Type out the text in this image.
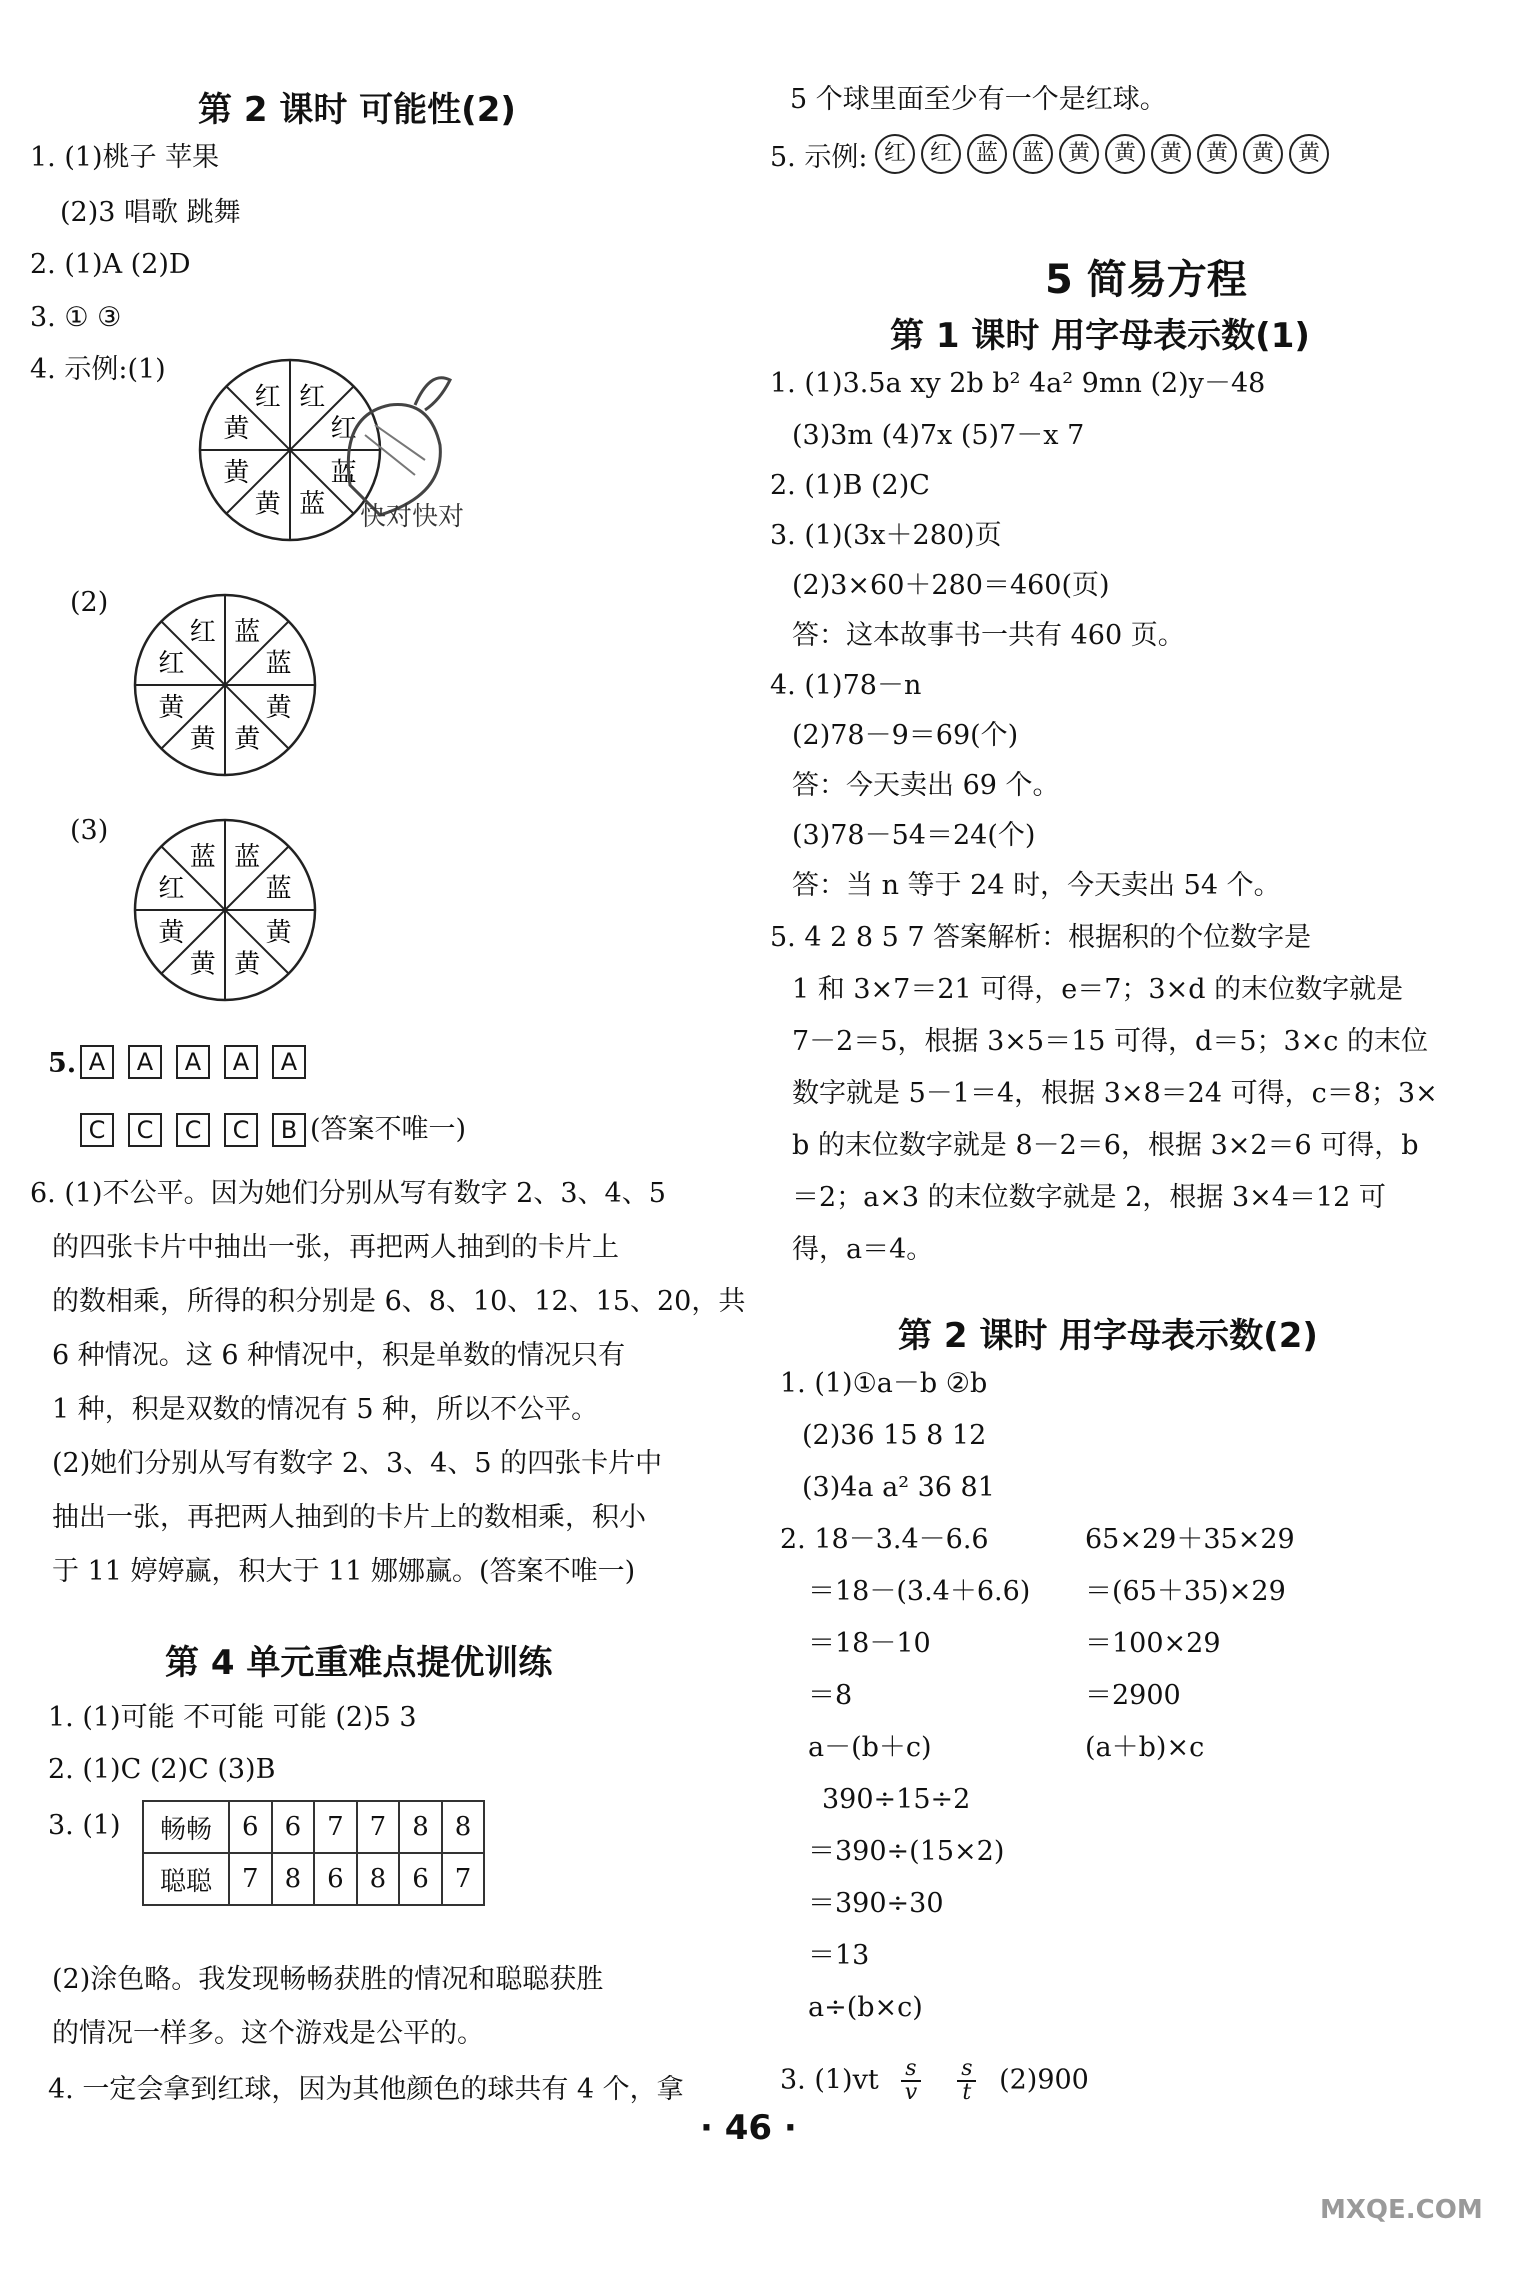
第 2 课时 可能性(2)
1. (1)桃子 苹果
(2)3 唱歌 跳舞
2. (1)A (2)D
3. ① ③
4. 示例:(1)
红
红
蓝
蓝
黄
黄
黄
红
快对快对
(2)
蓝
蓝
黄
黄
黄
黄
红
红
(3)
蓝
蓝
黄
黄
黄
黄
红
蓝
5. A	A	A	A	A
C	C	C	C	B (答案不唯一)
6. (1)不公平。因为她们分别从写有数字 2、3、4、5
的四张卡片中抽出一张，再把两人抽到的卡片上
的数相乘，所得的积分别是 6、8、10、12、15、20，共
6 种情况。这 6 种情况中，积是单数的情况只有
1 种，积是双数的情况有 5 种，所以不公平。
(2)她们分别从写有数字 2、3、4、5 的四张卡片中
抽出一张，再把两人抽到的卡片上的数相乘，积小
于 11 婷婷赢，积大于 11 娜娜赢。(答案不唯一)
第 4 单元重难点提优训练
1. (1)可能 不可能 可能 (2)5 3
2. (1)C (2)C (3)B
3. (1) 畅畅	6	6	7	7	8	8
聪聪	7	8	6	8	6	7
(2)涂色略。我发现畅畅获胜的情况和聪聪获胜
的情况一样多。这个游戏是公平的。
4. 一定会拿到红球，因为其他颜色的球共有 4 个，拿
5 个球里面至少有一个是红球。
5. 示例: 红 红 蓝 蓝 黄 黄 黄 黄 黄 黄
5 简易方程
第 1 课时 用字母表示数(1)
1. (1)3.5a xy 2b b² 4a² 9mn (2)y－48
(3)3m (4)7x (5)7－x 7
2. (1)B (2)C
3. (1)(3x＋280)页
(2)3×60＋280＝460(页)
答：这本故事书一共有 460 页。
4. (1)78－n
(2)78－9＝69(个)
答：今天卖出 69 个。
(3)78－54＝24(个)
答：当 n 等于 24 时，今天卖出 54 个。
5. 4 2 8 5 7 答案解析：根据积的个位数字是
1 和 3×7＝21 可得，e＝7；3×d 的末位数字就是
7－2＝5，根据 3×5＝15 可得，d＝5；3×c 的末位
数字就是 5－1＝4，根据 3×8＝24 可得，c＝8；3×
b 的末位数字就是 8－2＝6，根据 3×2＝6 可得，b
＝2；a×3 的末位数字就是 2，根据 3×4＝12 可
得，a＝4。
第 2 课时 用字母表示数(2)
1. (1)①a－b ②b
(2)36 15 8 12
(3)4a a² 36 81
2. 18－3.4－6.6
＝18－(3.4＋6.6)
＝18－10
＝8
a－(b＋c)
65×29＋35×29
＝(65＋35)×29
＝100×29
＝2900
(a＋b)×c
390÷15÷2
＝390÷(15×2)
＝390÷30
＝13
a÷(b×c)
3. $(1)vt \frac{s}{v}$
$\frac{s}{t} (2)900$
· 46 ·
MXQE.COM
